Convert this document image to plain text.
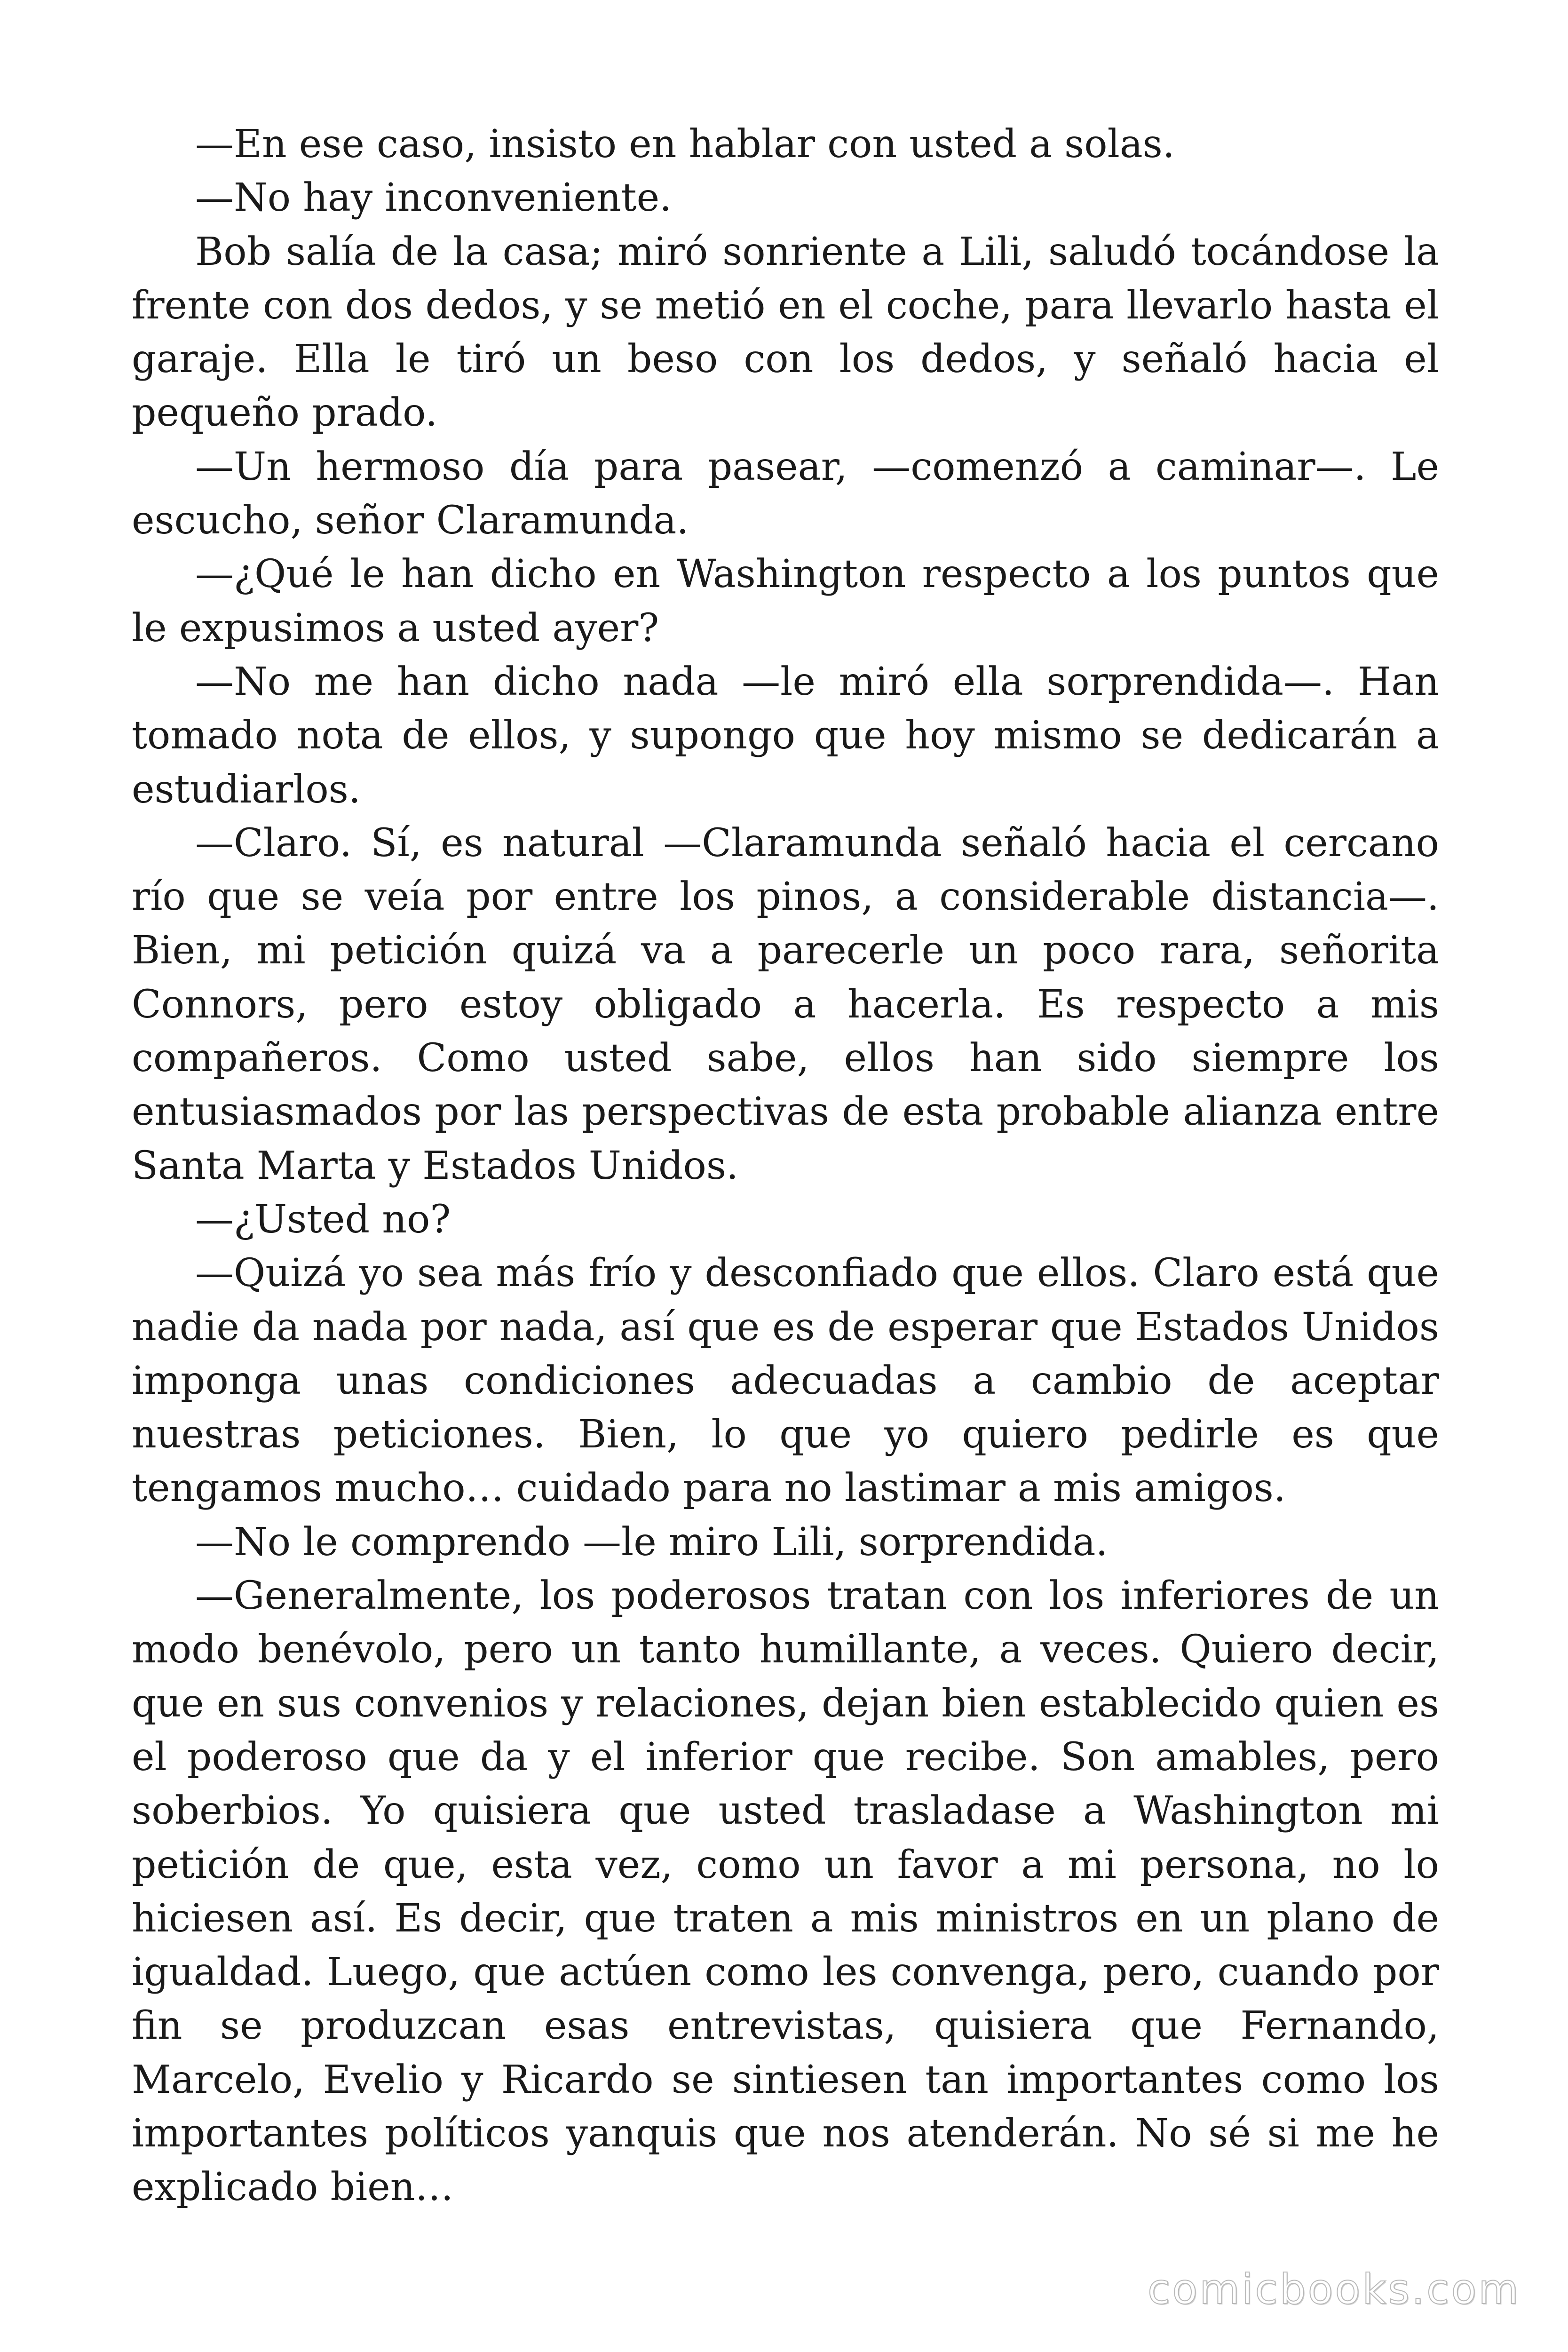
—En ese caso, insisto en hablar con usted a solas.

—No hay inconveniente.

Bob salía de la casa; miró sonriente a Lili, saludó tocándose la frente con dos dedos, y se metió en el coche, para llevarlo hasta el garaje. Ella le tiró un beso con los dedos, y señaló hacia el pequeño prado.

—Un hermoso día para pasear, —comenzó a caminar—. Le escucho, señor Claramunda.

—¿Qué le han dicho en Washington respecto a los puntos que le expusimos a usted ayer?

—No me han dicho nada —le miró ella sorprendida—. Han tomado nota de ellos, y supongo que hoy mismo se dedicarán a estudiarlos.

—Claro. Sí, es natural —Claramunda señaló hacia el cercano río que se veía por entre los pinos, a considerable distancia—. Bien, mi petición quizá va a parecerle un poco rara, señorita Connors, pero estoy obligado a hacerla. Es respecto a mis compañeros. Como usted sabe, ellos han sido siempre los entusiasmados por las perspectivas de esta probable alianza entre Santa Marta y Estados Unidos.

—¿Usted no?

—Quizá yo sea más frío y desconfiado que ellos. Claro está que nadie da nada por nada, así que es de esperar que Estados Unidos imponga unas condiciones adecuadas a cambio de aceptar nuestras peticiones. Bien, lo que yo quiero pedirle es que tengamos mucho… cuidado para no lastimar a mis amigos.

—No le comprendo —le miro Lili, sorprendida.

—Generalmente, los poderosos tratan con los inferiores de un modo benévolo, pero un tanto humillante, a veces. Quiero decir, que en sus convenios y relaciones, dejan bien establecido quien es el poderoso que da y el inferior que recibe. Son amables, pero soberbios. Yo quisiera que usted trasladase a Washington mi petición de que, esta vez, como un favor a mi persona, no lo hiciesen así. Es decir, que traten a mis ministros en un plano de igualdad. Luego, que actúen como les convenga, pero, cuando por fin se produzcan esas entrevistas, quisiera que Fernando, Marcelo, Evelio y Ricardo se sintiesen tan importantes como los importantes políticos yanquis que nos atenderán. No sé si me he explicado bien…

comicbooks.com
